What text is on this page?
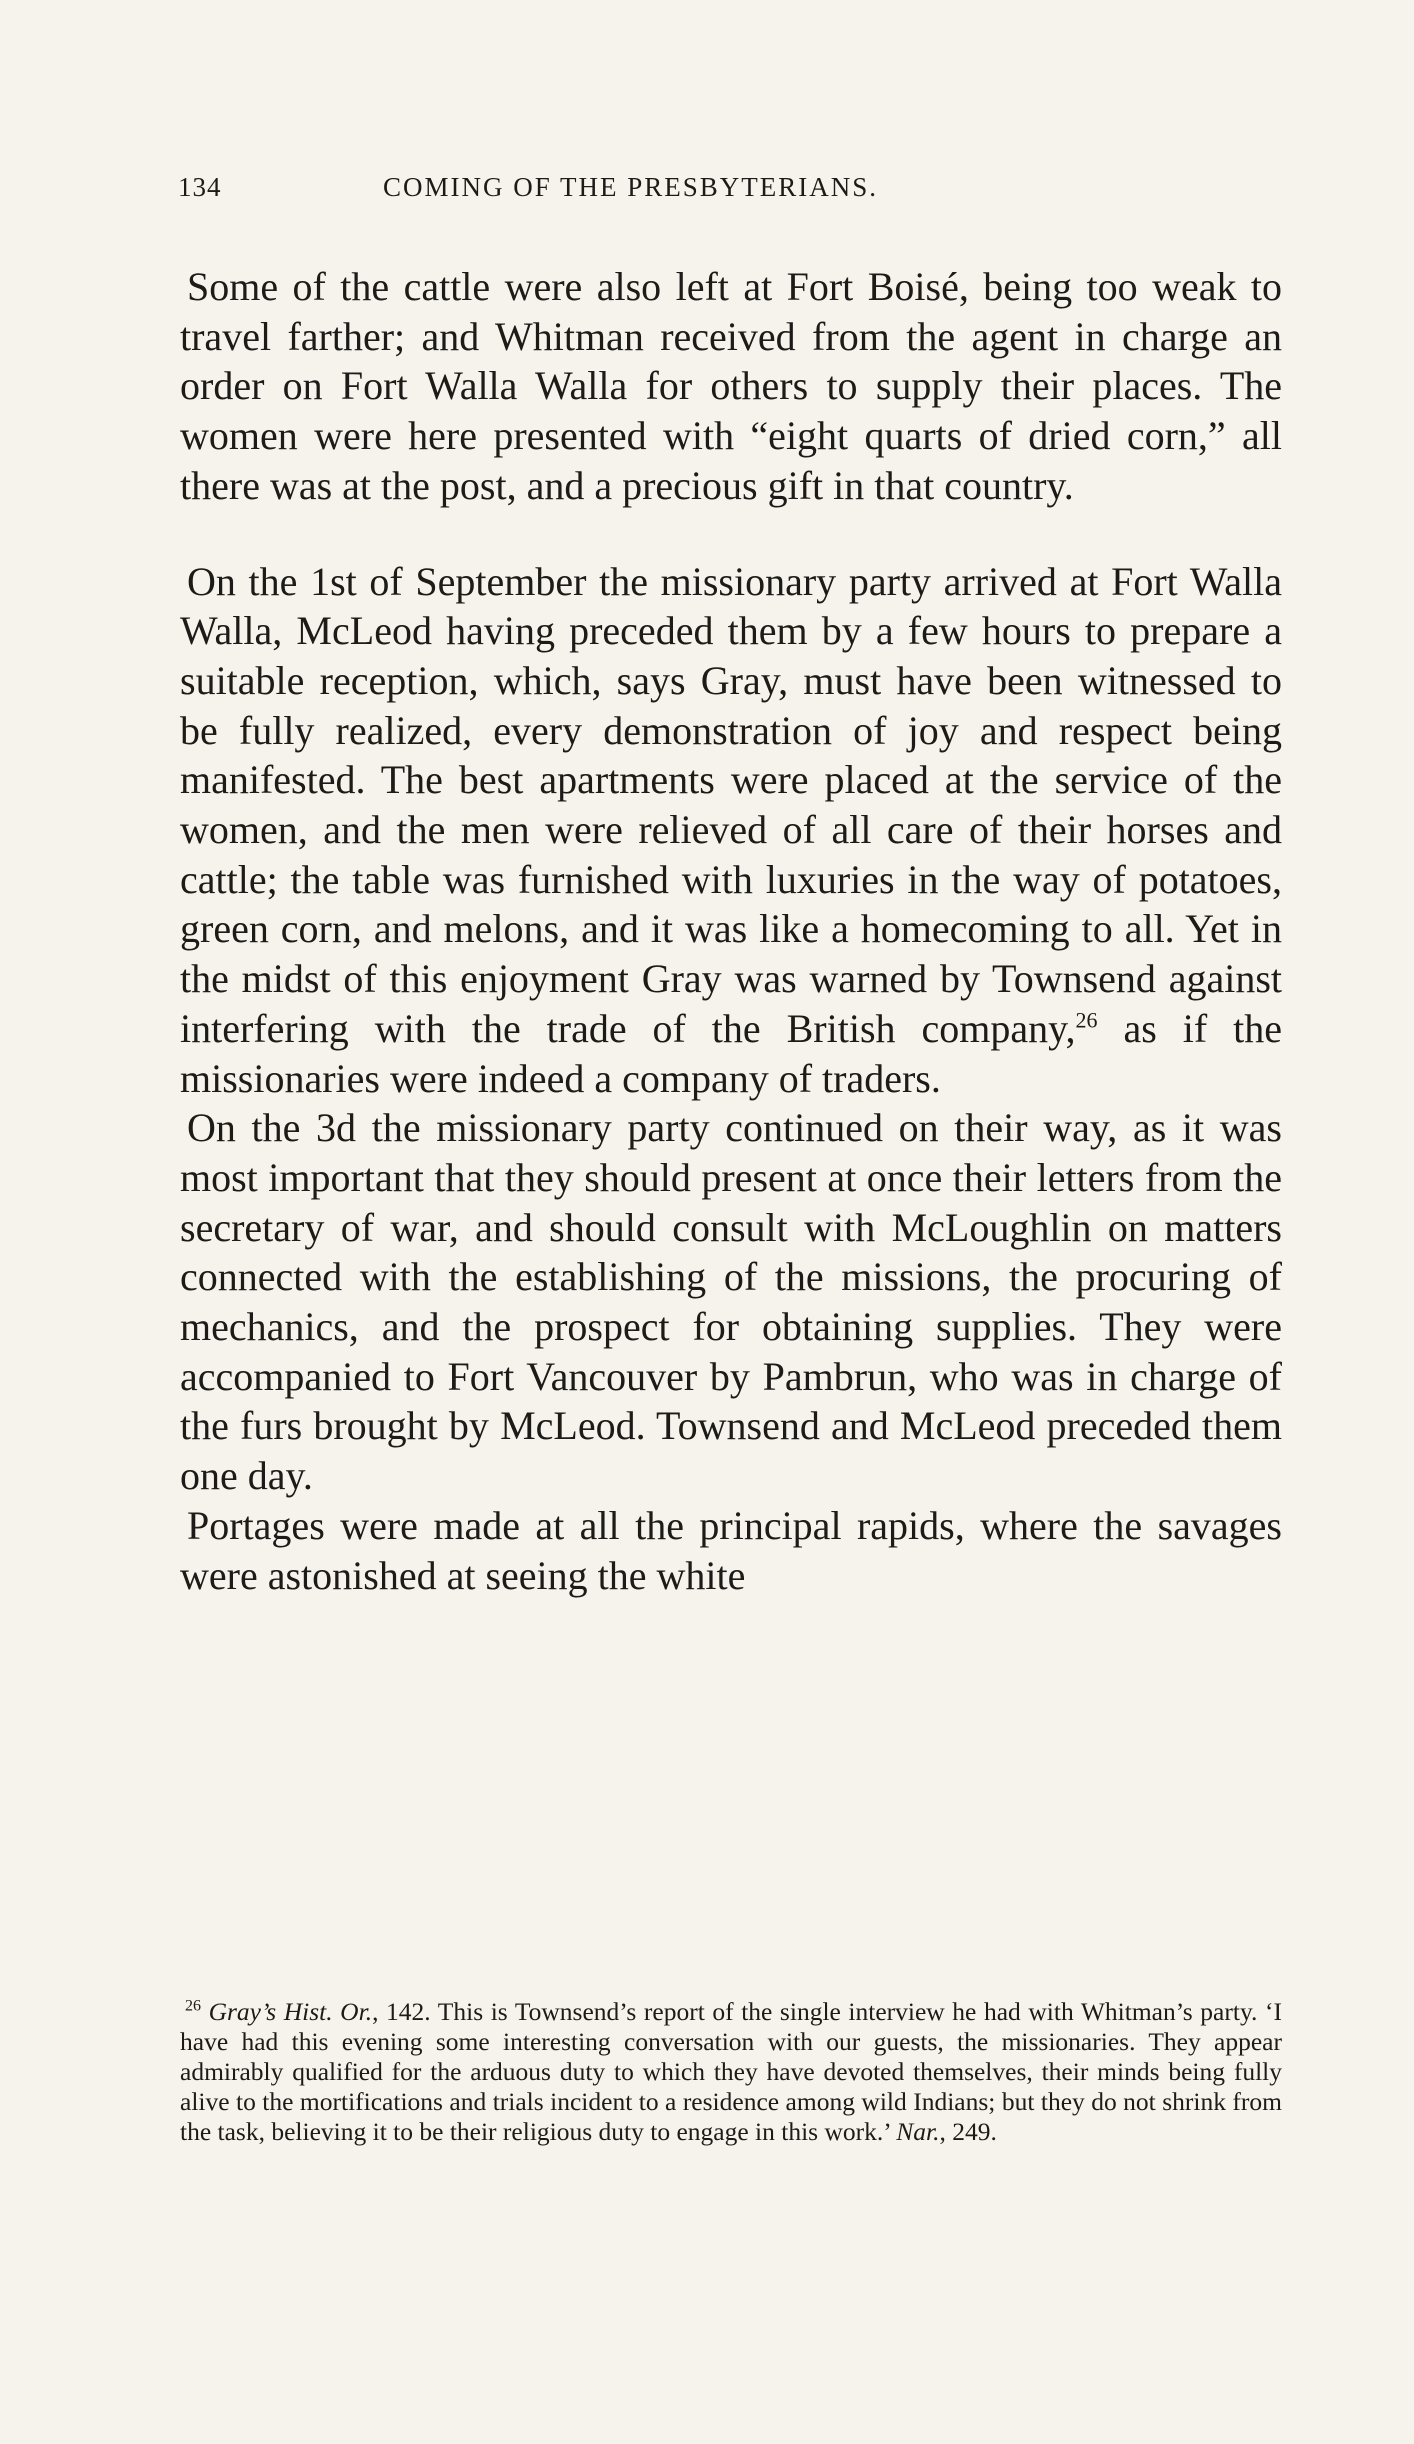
134	COMING OF THE PRESBYTERIANS.

Some of the cattle were also left at Fort Boisé, being too weak to travel farther; and Whitman received from the agent in charge an order on Fort Walla Walla for others to supply their places. The women were here presented with “eight quarts of dried corn,” all there was at the post, and a precious gift in that country.

On the 1st of September the missionary party arrived at Fort Walla Walla, McLeod having preceded them by a few hours to prepare a suitable reception, which, says Gray, must have been witnessed to be fully realized, every demonstration of joy and respect being manifested. The best apartments were placed at the service of the women, and the men were relieved of all care of their horses and cattle; the table was furnished with luxuries in the way of potatoes, green corn, and melons, and it was like a homecoming to all. Yet in the midst of this enjoyment Gray was warned by Townsend against interfering with the trade of the British company,$^{26}$ as if the missionaries were indeed a company of traders.

On the 3d the missionary party continued on their way, as it was most important that they should present at once their letters from the secretary of war, and should consult with McLoughlin on matters connected with the establishing of the missions, the procuring of mechanics, and the prospect for obtaining supplies. They were accompanied to Fort Vancouver by Pambrun, who was in charge of the furs brought by McLeod. Townsend and McLeod preceded them one day.

Portages were made at all the principal rapids, where the savages were astonished at seeing the white

$^{26}$ Gray’s Hist. Or., 142. This is Townsend’s report of the single interview he had with Whitman’s party. ‘I have had this evening some interesting conversation with our guests, the missionaries. They appear admirably qualified for the arduous duty to which they have devoted themselves, their minds being fully alive to the mortifications and trials incident to a residence among wild Indians; but they do not shrink from the task, believing it to be their religious duty to engage in this work.’ Nar., 249.
